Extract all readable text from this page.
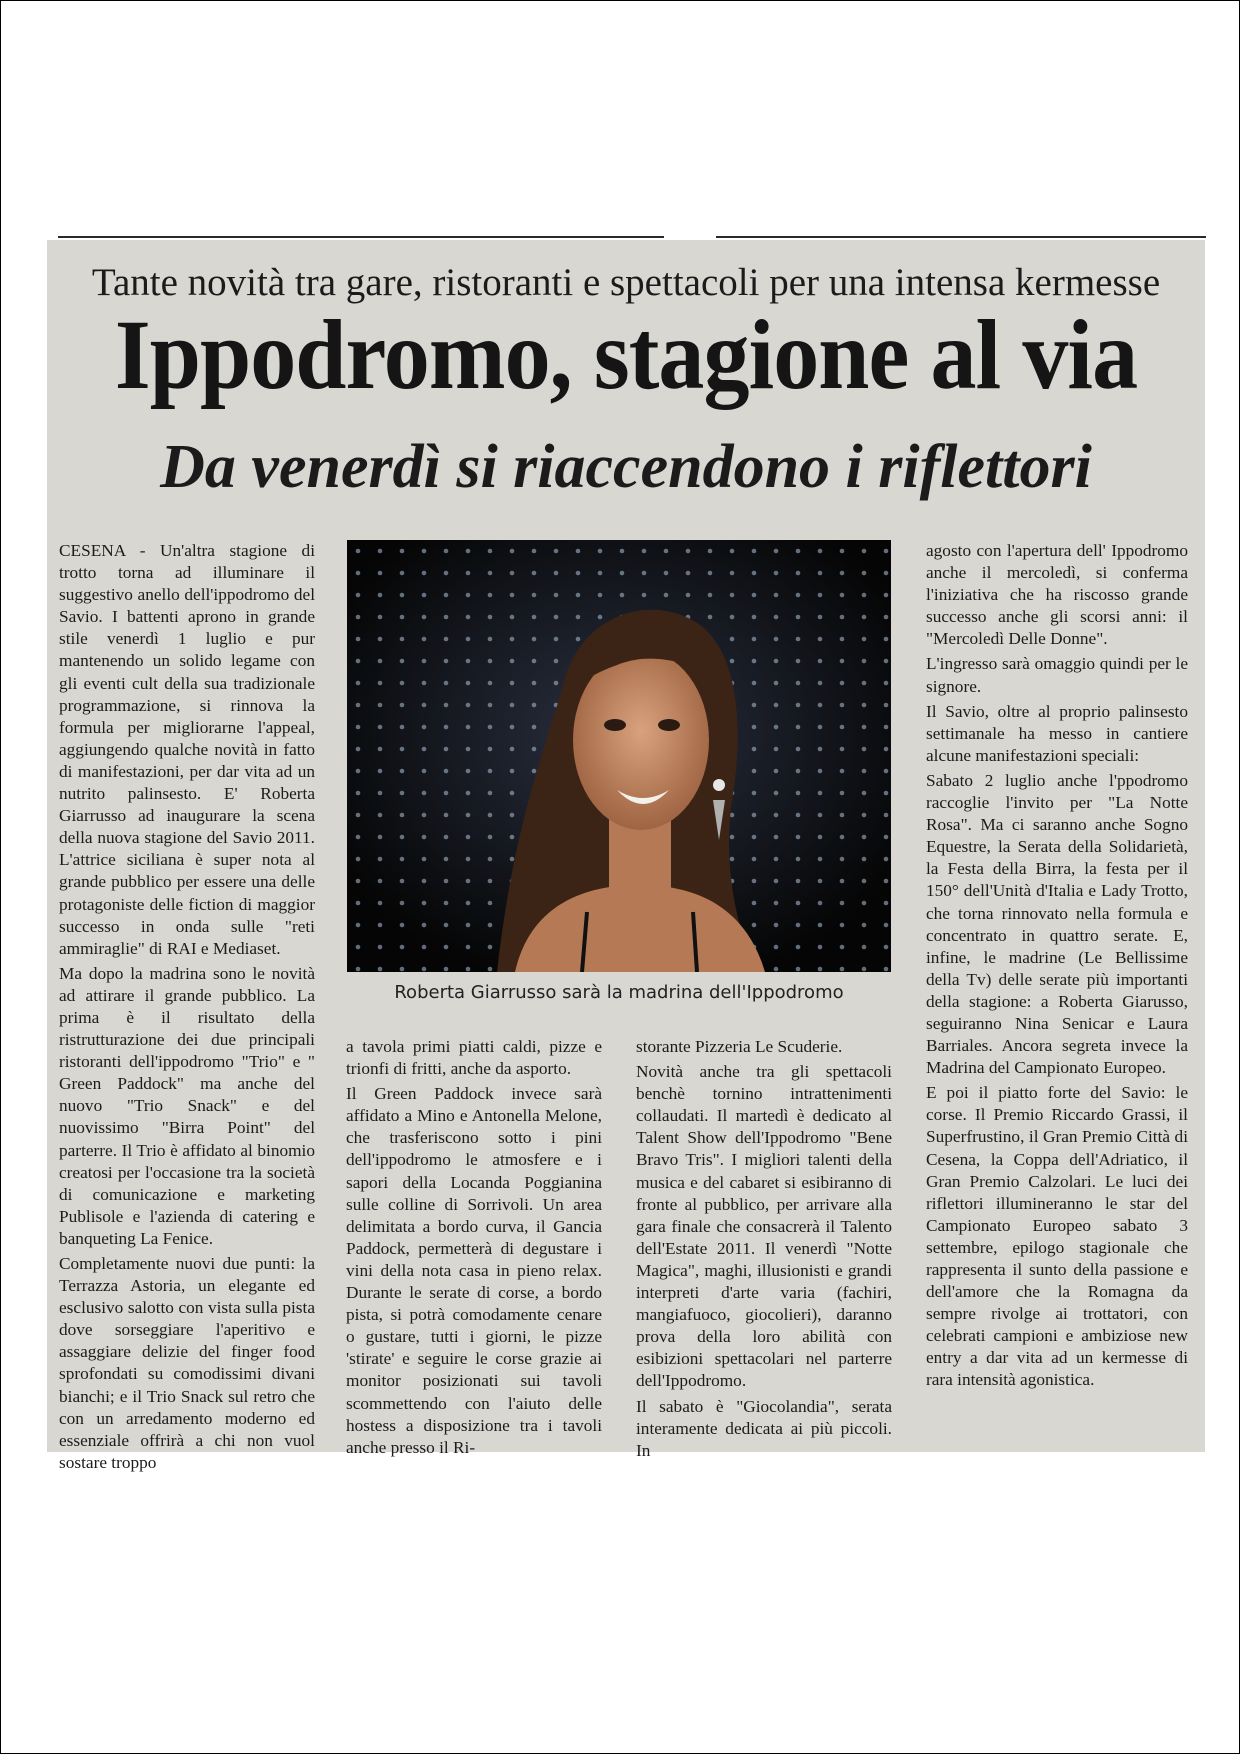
Tante novità tra gare, ristoranti e spettacoli per una intensa kermesse
Ippodromo, stagione al via
Da venerdì si riaccendono i riflettori

CESENA - Un'altra stagione di trotto torna ad illuminare il suggestivo anello dell'ippodromo del Savio. I battenti aprono in grande stile venerdì 1 luglio e pur mantenendo un solido legame con gli eventi cult della sua tradizionale programmazione, si rinnova la formula per migliorarne l'appeal, aggiungendo qualche novità in fatto di manifestazioni, per dar vita ad un nutrito palinsesto. E' Roberta Giarrusso ad inaugurare la scena della nuova stagione del Savio 2011. L'attrice siciliana è super nota al grande pubblico per essere una delle protagoniste delle fiction di maggior successo in onda sulle "reti ammiraglie" di RAI e Mediaset.

Ma dopo la madrina sono le novità ad attirare il grande pubblico. La prima è il risultato della ristrutturazione dei due principali ristoranti dell'ippodromo "Trio" e " Green Paddock" ma anche del nuovo "Trio Snack" e del nuovissimo "Birra Point" del parterre. Il Trio è affidato al binomio creatosi per l'occasione tra la società di comunicazione e marketing Publisole e l'azienda di catering e banqueting La Fenice.

Completamente nuovi due punti: la Terrazza Astoria, un elegante ed esclusivo salotto con vista sulla pista dove sorseggiare l'aperitivo e assaggiare delizie del finger food sprofondati su comodissimi divani bianchi; e il Trio Snack sul retro che con un arredamento moderno ed essenziale offrirà a chi non vuol sostare troppo

Roberta Giarrusso sarà la madrina dell'Ippodromo

a tavola primi piatti caldi, pizze e trionfi di fritti, anche da asporto.

Il Green Paddock invece sarà affidato a Mino e Antonella Melone, che trasferiscono sotto i pini dell'ippodromo le atmosfere e i sapori della Locanda Poggianina sulle colline di Sorrivoli. Un area delimitata a bordo curva, il Gancia Paddock, permetterà di degustare i vini della nota casa in pieno relax. Durante le serate di corse, a bordo pista, si potrà comodamente cenare o gustare, tutti i giorni, le pizze 'stirate' e seguire le corse grazie ai monitor posizionati sui tavoli scommettendo con l'aiuto delle hostess a disposizione tra i tavoli anche presso il Ri-

storante Pizzeria Le Scuderie.

Novità anche tra gli spettacoli benchè tornino intrattenimenti collaudati. Il martedì è dedicato al Talent Show dell'Ippodromo "Bene Bravo Tris". I migliori talenti della musica e del cabaret si esibiranno di fronte al pubblico, per arrivare alla gara finale che consacrerà il Talento dell'Estate 2011. Il venerdì "Notte Magica", maghi, illusionisti e grandi interpreti d'arte varia (fachiri, mangiafuoco, giocolieri), daranno prova della loro abilità con esibizioni spettacolari nel parterre dell'Ippodromo.

Il sabato è "Giocolandia", serata interamente dedicata ai più piccoli. In

agosto con l'apertura dell' Ippodromo anche il mercoledì, si conferma l'iniziativa che ha riscosso grande successo anche gli scorsi anni: il "Mercoledì Delle Donne".

L'ingresso sarà omaggio quindi per le signore.

Il Savio, oltre al proprio palinsesto settimanale ha messo in cantiere alcune manifestazioni speciali:

Sabato 2 luglio anche l'ppodromo raccoglie l'invito per "La Notte Rosa". Ma ci saranno anche Sogno Equestre, la Serata della Solidarietà, la Festa della Birra, la festa per il 150° dell'Unità d'Italia e Lady Trotto, che torna rinnovato nella formula e concentrato in quattro serate. E, infine, le madrine (Le Bellissime della Tv) delle serate più importanti della stagione: a Roberta Giarusso, seguiranno Nina Senicar e Laura Barriales. Ancora segreta invece la Madrina del Campionato Europeo.

E poi il piatto forte del Savio: le corse. Il Premio Riccardo Grassi, il Superfrustino, il Gran Premio Città di Cesena, la Coppa dell'Adriatico, il Gran Premio Calzolari. Le luci dei riflettori illumineranno le star del Campionato Europeo sabato 3 settembre, epilogo stagionale che rappresenta il sunto della passione e dell'amore che la Romagna da sempre rivolge ai trottatori, con celebrati campioni e ambiziose new entry a dar vita ad un kermesse di rara intensità agonistica.
